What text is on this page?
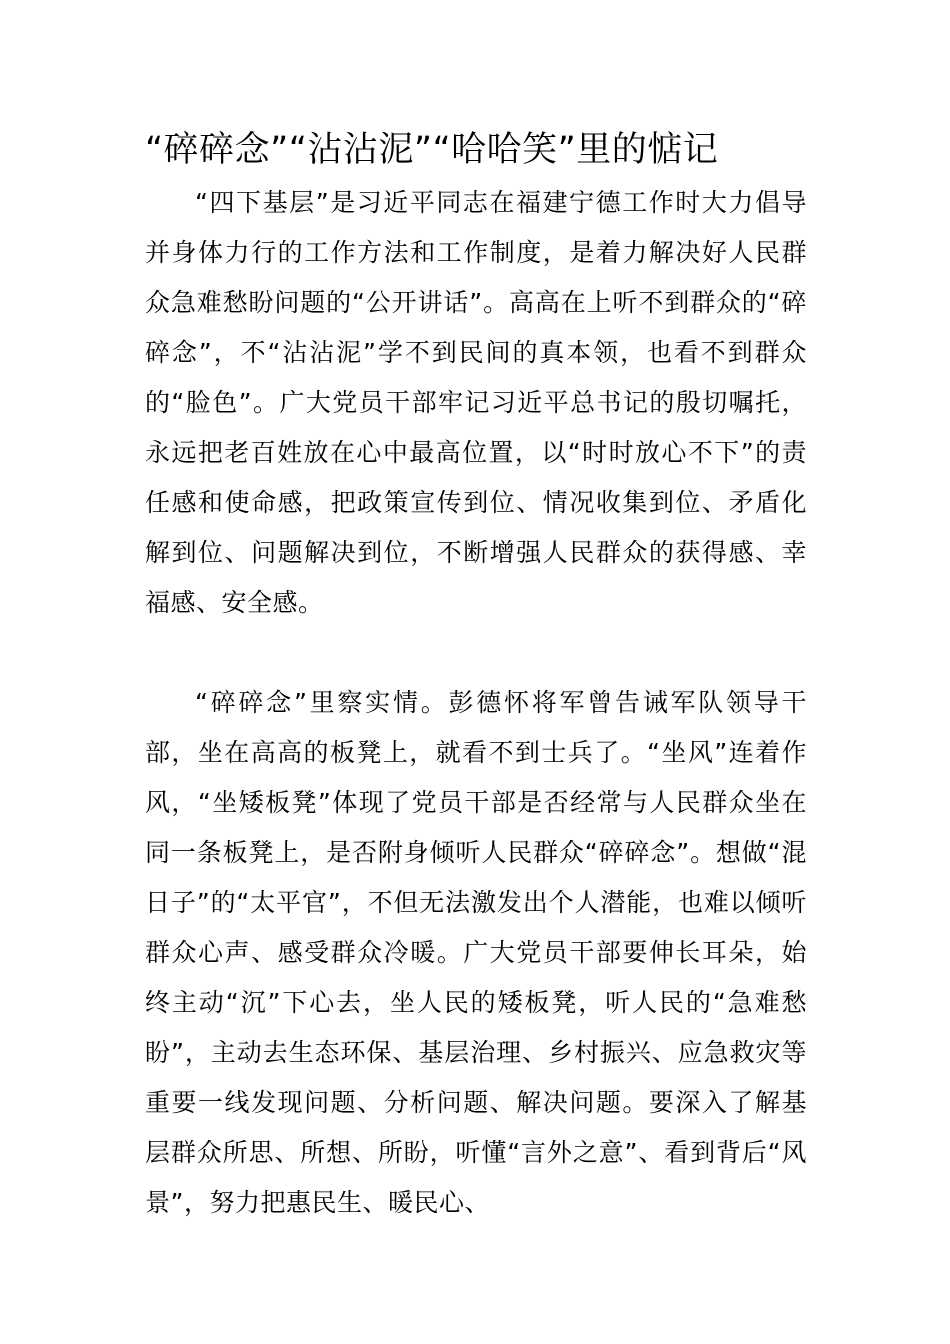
“碎碎念”“沾沾泥”“哈哈笑”里的惦记

“四下基层”是习近平同志在福建宁德工作时大力倡导并身体力行的工作方法和工作制度，是着力解决好人民群众急难愁盼问题的“公开讲话”。高高在上听不到群众的“碎碎念”，不“沾沾泥”学不到民间的真本领，也看不到群众的“脸色”。广大党员干部牢记习近平总书记的殷切嘱托，永远把老百姓放在心中最高位置，以“时时放心不下”的责任感和使命感，把政策宣传到位、情况收集到位、矛盾化解到位、问题解决到位，不断增强人民群众的获得感、幸福感、安全感。

“碎碎念”里察实情。彭德怀将军曾告诫军队领导干部，坐在高高的板凳上，就看不到士兵了。“坐风”连着作风，“坐矮板凳”体现了党员干部是否经常与人民群众坐在同一条板凳上，是否附身倾听人民群众“碎碎念”。想做“混日子”的“太平官”，不但无法激发出个人潜能，也难以倾听群众心声、感受群众冷暖。广大党员干部要伸长耳朵，始终主动“沉”下心去，坐人民的矮板凳，听人民的“急难愁盼”，主动去生态环保、基层治理、乡村振兴、应急救灾等重要一线发现问题、分析问题、解决问题。要深入了解基层群众所思、所想、所盼，听懂“言外之意”、看到背后“风景”，努力把惠民生、暖民心、
